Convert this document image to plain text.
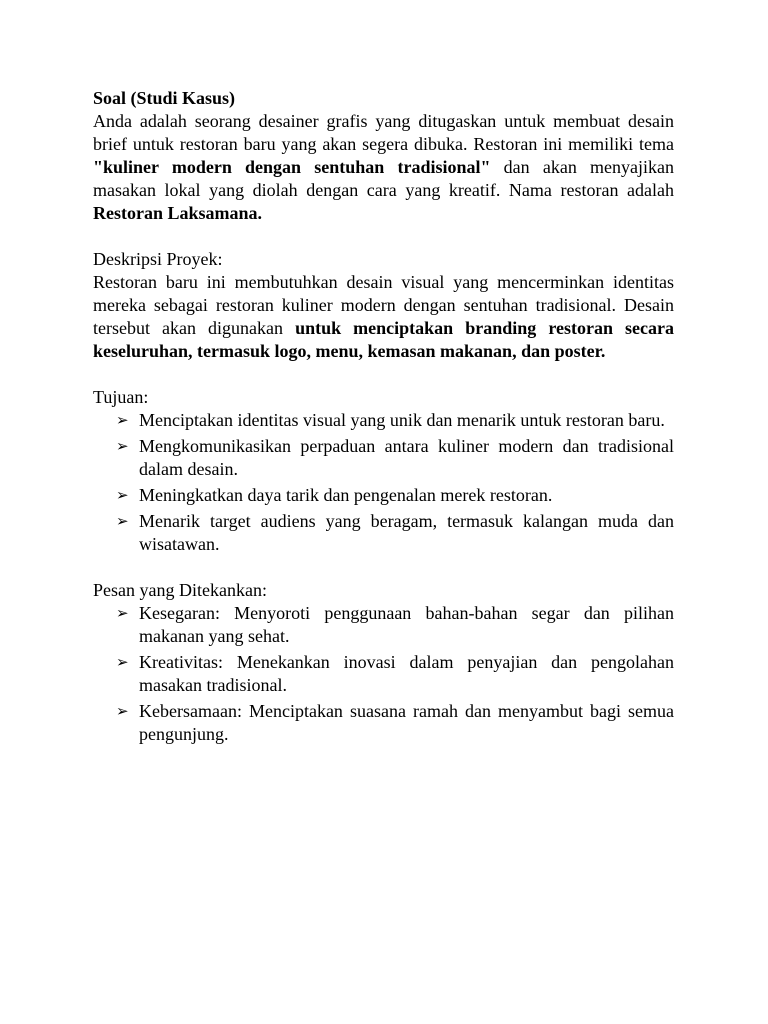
Soal (Studi Kasus)

Anda adalah seorang desainer grafis yang ditugaskan untuk membuat desain brief untuk restoran baru yang akan segera dibuka. Restoran ini memiliki tema "kuliner modern dengan sentuhan tradisional" dan akan menyajikan masakan lokal yang diolah dengan cara yang kreatif. Nama restoran adalah Restoran Laksamana.

Deskripsi Proyek:

Restoran baru ini membutuhkan desain visual yang mencerminkan identitas mereka sebagai restoran kuliner modern dengan sentuhan tradisional. Desain tersebut akan digunakan untuk menciptakan branding restoran secara keseluruhan, termasuk logo, menu, kemasan makanan, dan poster.

Tujuan:

➢ Menciptakan identitas visual yang unik dan menarik untuk restoran baru.
➢ Mengkomunikasikan perpaduan antara kuliner modern dan tradisional dalam desain.
➢ Meningkatkan daya tarik dan pengenalan merek restoran.
➢ Menarik target audiens yang beragam, termasuk kalangan muda dan wisatawan.

Pesan yang Ditekankan:

➢ Kesegaran: Menyoroti penggunaan bahan-bahan segar dan pilihan makanan yang sehat.
➢ Kreativitas: Menekankan inovasi dalam penyajian dan pengolahan masakan tradisional.
➢ Kebersamaan: Menciptakan suasana ramah dan menyambut bagi semua pengunjung.
